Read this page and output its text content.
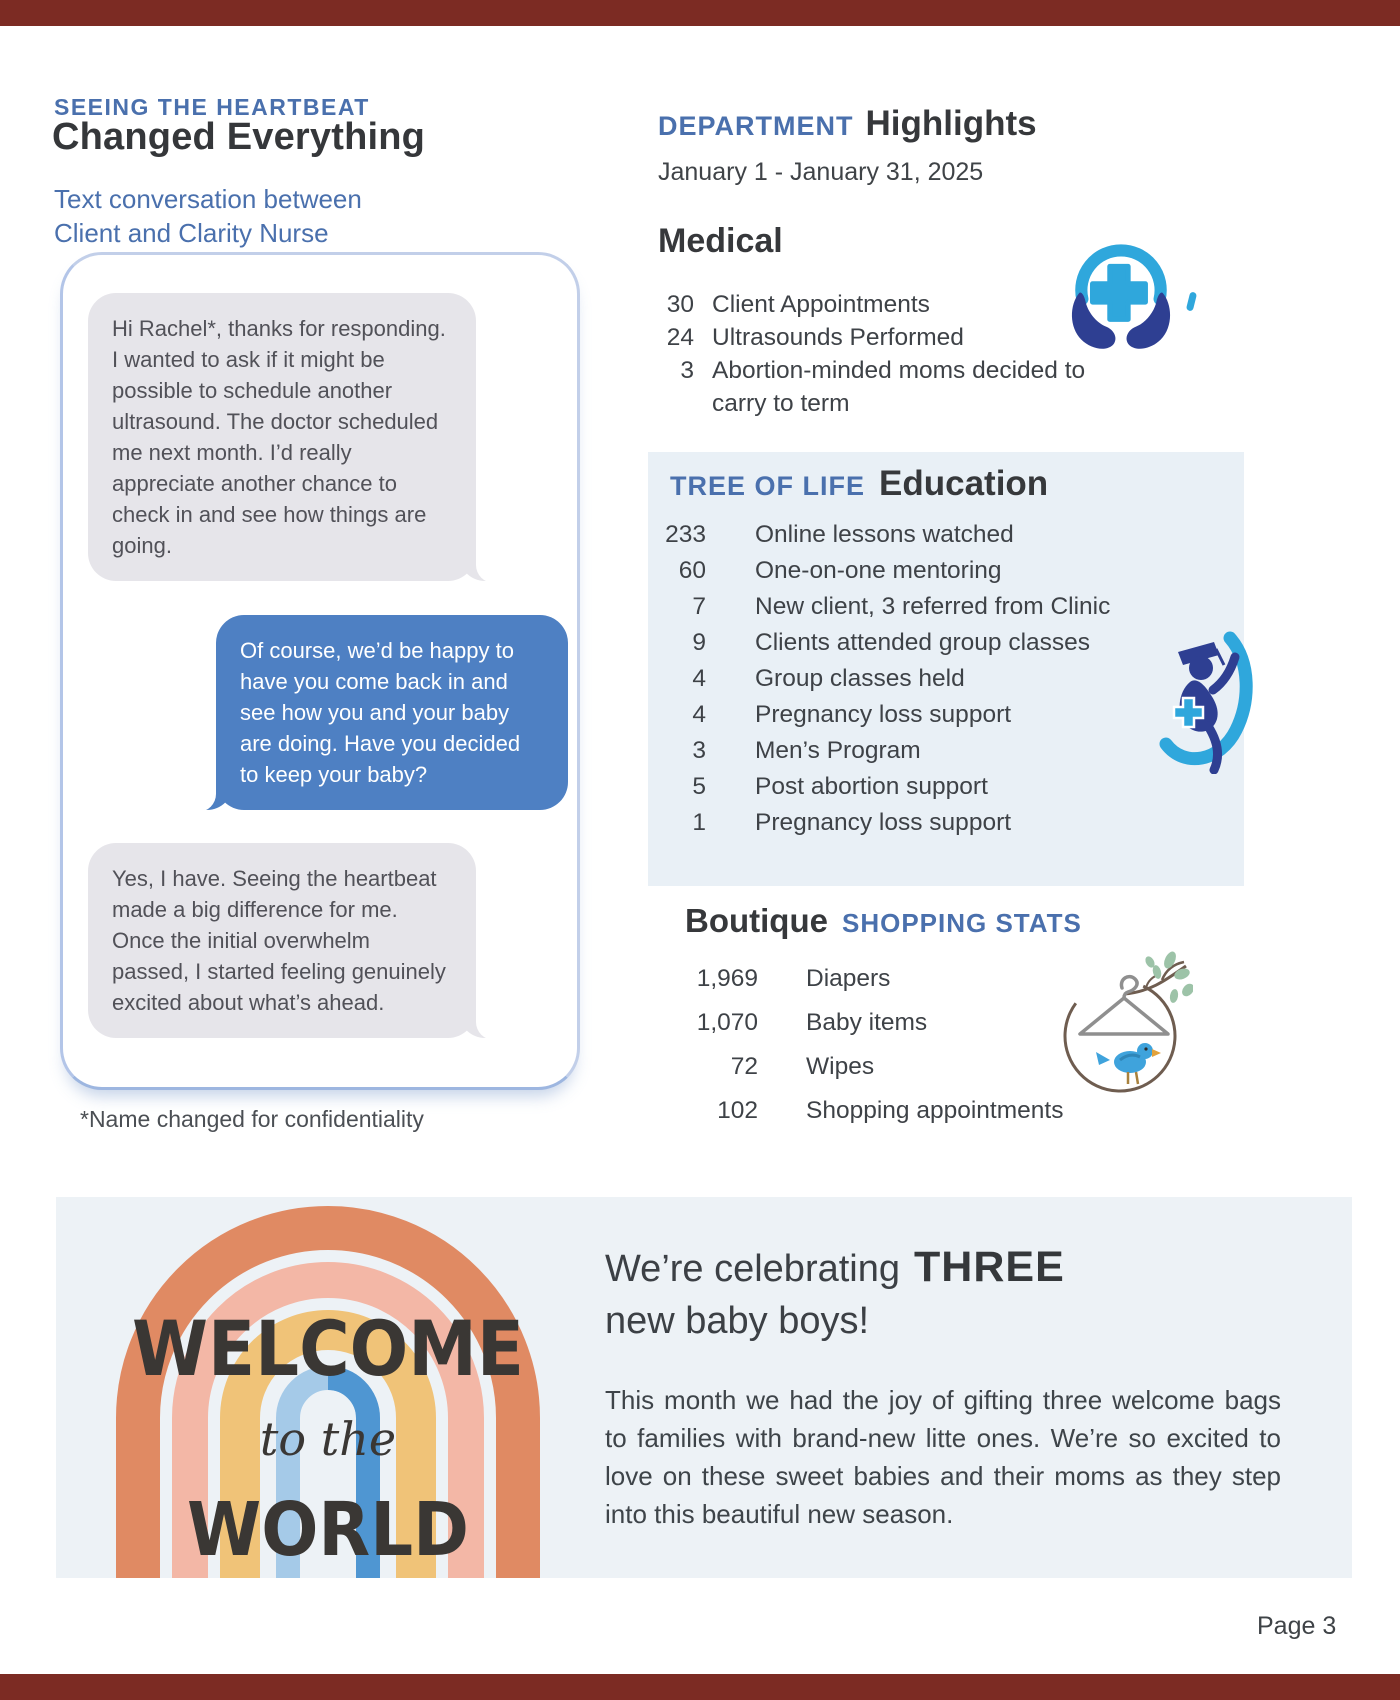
SEEING THE HEARTBEAT
Changed Everything
Text conversation between
Client and Clarity Nurse
Hi Rachel*, thanks for responding. I wanted to ask if it might be possible to schedule another ultrasound. The doctor scheduled me next month. I’d really appreciate another chance to check in and see how things are going.
Of course, we’d be happy to have you come back in and see how you and your baby are doing. Have you decided to keep your baby?
Yes, I have. Seeing the heartbeat made a big difference for me. Once the initial overwhelm passed, I started feeling genuinely excited about what’s ahead.
*Name changed for confidentiality
DEPARTMENT Highlights
January 1 - January 31, 2025
Medical
30 Client Appointments
24 Ultrasounds Performed
3 Abortion-minded moms decided to carry to term
TREE OF LIFE Education
233 Online lessons watched
60 One-on-one mentoring
7 New client, 3 referred from Clinic
9 Clients attended group classes
4 Group classes held
4 Pregnancy loss support
3 Men’s Program
5 Post abortion support
1 Pregnancy loss support
Boutique SHOPPING STATS
1,969 Diapers
1,070 Baby items
72 Wipes
102 Shopping appointments
WELCOME
to the
WORLD
We’re celebrating THREE
new baby boys!
This month we had the joy of gifting three welcome bags to families with brand-new litte ones. We’re so excited to love on these sweet babies and their moms as they step into this beautiful new season.
Page 3
